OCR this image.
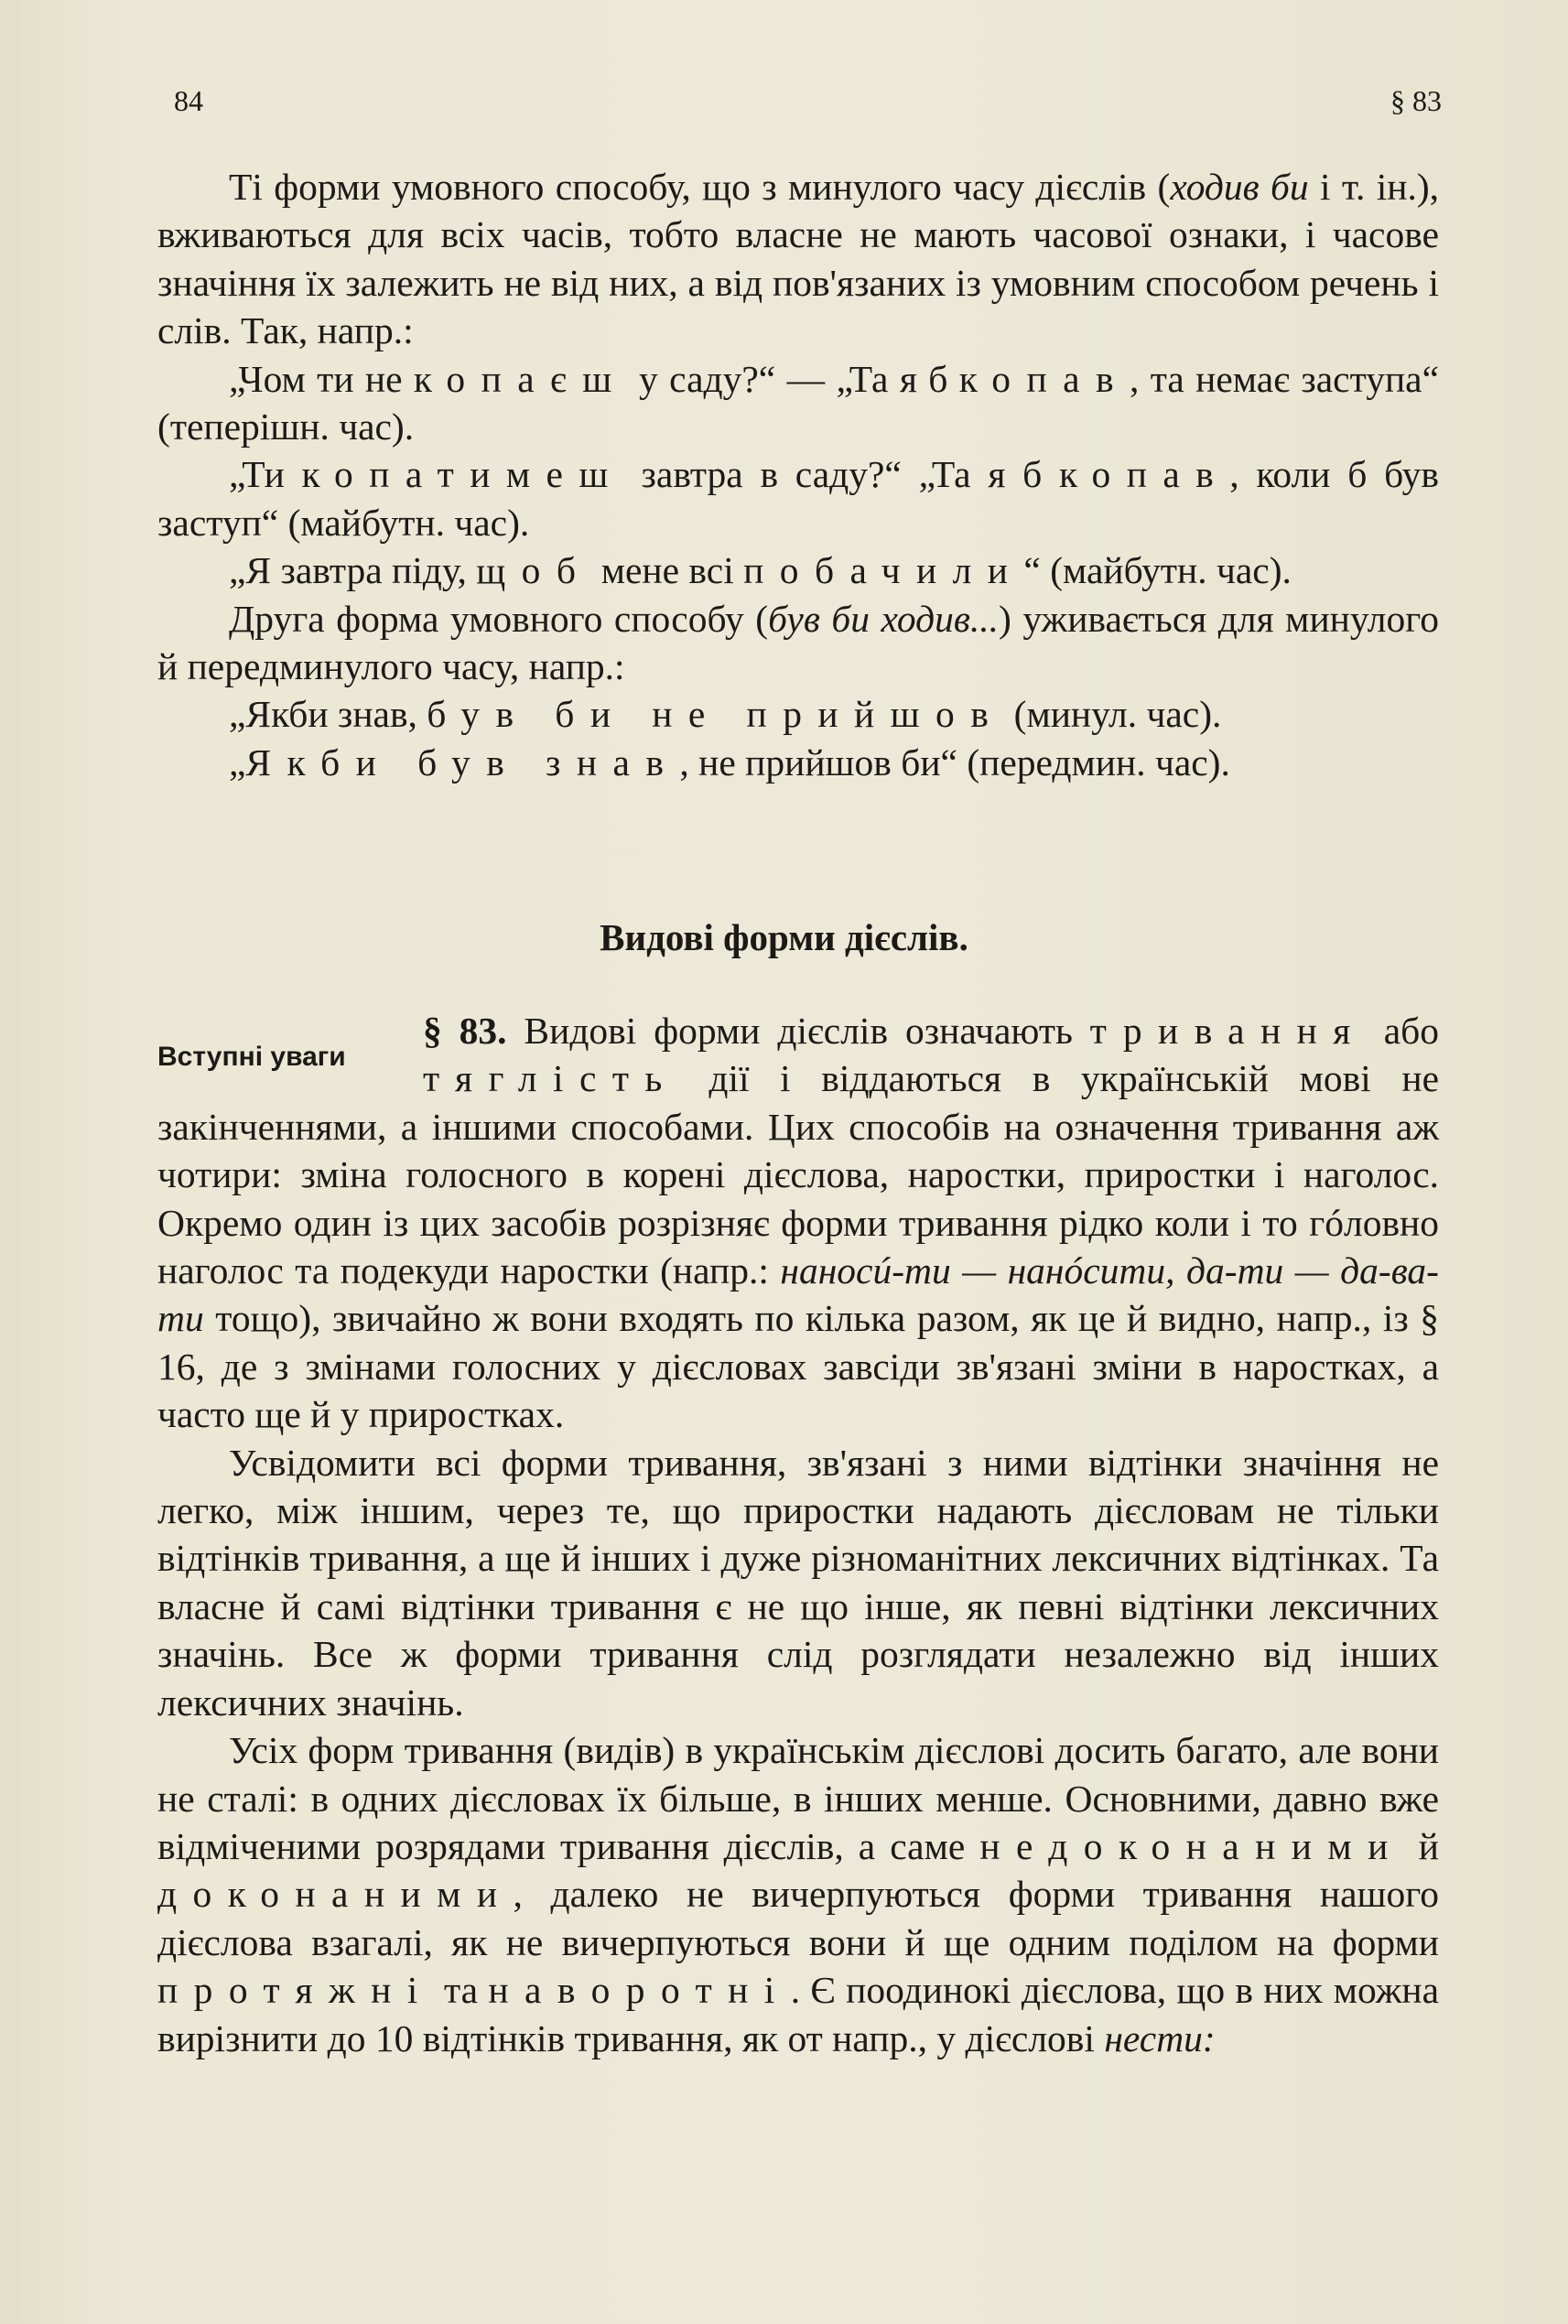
84	§ 83

Ті форми умовного способу, що з минулого часу дієслів (ходив би і т. ін.), вживаються для всіх часів, тобто власне не мають часової ознаки, і часове значіння їх залежить не від них, а від пов'язаних із умовним способом речень і слів. Так, напр.:

„Чом ти не копаєш у саду?“ — „Та я б копав, та немає заступа“ (теперішн. час).

„Ти копатимеш завтра в саду?“ „Та я б копав, коли б був заступ“ (майбутн. час).

„Я завтра піду, щоб мене всі побачили“ (майбутн. час).

Друга форма умовного способу (був би ходив...) уживається для минулого й передминулого часу, напр.:

„Якби знав, був би не прийшов (минул. час).

„Якби був знав, не прийшов би“ (передмин. час).

Видові форми дієслів.

Вступні уваги
§ 83. Видові форми дієслів означають тривання або тяглість дії і віддаються в українській мові не закінченнями, а іншими способами. Цих способів на означення тривання аж чотири: зміна голосного в корені дієслова, наростки, приростки і наголос. Окремо один із цих засобів розрізняє форми тривання рідко коли і то гóловно наголос та подекуди наростки (напр.: наносú-ти — нанóсити, да-ти — да-ва-ти тощо), звичайно ж вони входять по кілька разом, як це й видно, напр., із § 16, де з змінами голосних у дієсловах завсіди зв'язані зміни в наростках, а часто ще й у приростках.

Усвідомити всі форми тривання, зв'язані з ними відтінки значіння не легко, між іншим, через те, що приростки надають дієсловам не тільки відтінків тривання, а ще й інших і дуже різноманітних лексичних відтінках. Та власне й самі відтінки тривання є не що інше, як певні відтінки лексичних значінь. Все ж форми тривання слід розглядати незалежно від інших лексичних значінь.

Усіх форм тривання (видів) в українськім дієслові досить багато, але вони не сталі: в одних дієсловах їх більше, в інших менше. Основними, давно вже відміченими розрядами тривання дієслів, а саме недоконаними й доконаними, далеко не вичерпуються форми тривання нашого дієслова взагалі, як не вичерпуються вони й ще одним поділом на форми протяжні та наворотні. Є поодинокі дієслова, що в них можна вирізнити до 10 відтінків тривання, як от напр., у дієслові нести:
